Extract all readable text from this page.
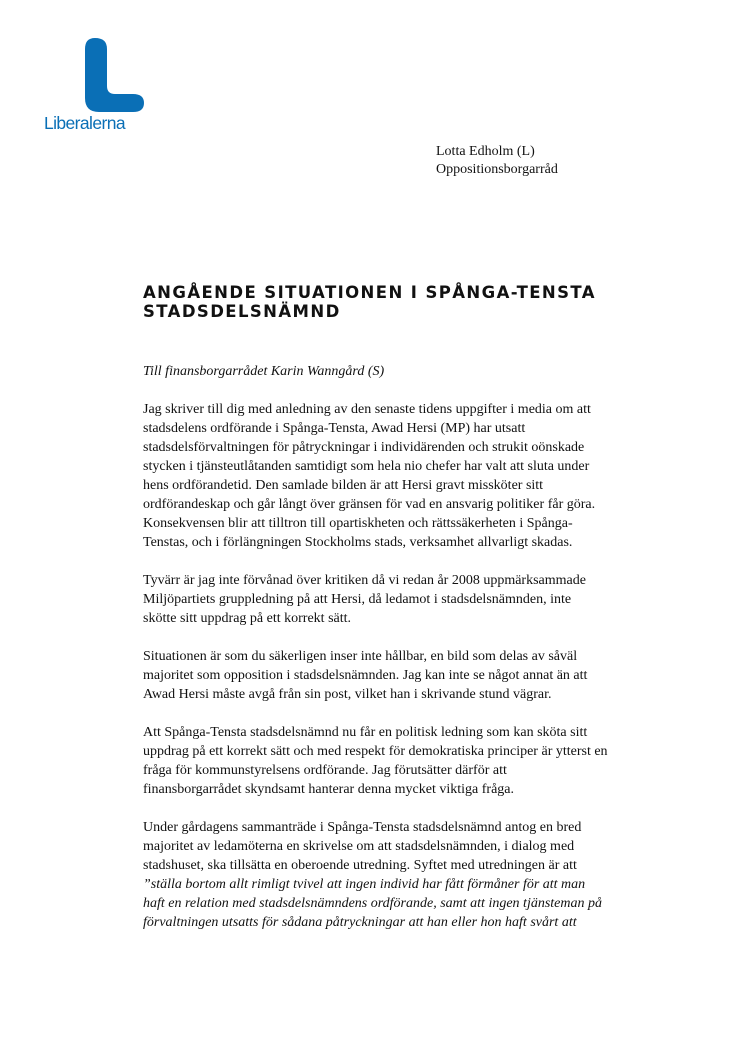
Liberalerna
Lotta Edholm (L)
Oppositionsborgarråd
ANGÅENDE SITUATIONEN I SPÅNGA-TENSTA
STADSDELSNÄMND
Till finansborgarrådet Karin Wanngård (S)
Jag skriver till dig med anledning av den senaste tidens uppgifter i media om att
stadsdelens ordförande i Spånga-Tensta, Awad Hersi (MP) har utsatt
stadsdelsförvaltningen för påtryckningar i individärenden och strukit oönskade
stycken i tjänsteutlåtanden samtidigt som hela nio chefer har valt att sluta under
hens ordförandetid. Den samlade bilden är att Hersi gravt missköter sitt
ordförandeskap och går långt över gränsen för vad en ansvarig politiker får göra.
Konsekvensen blir att tilltron till opartiskheten och rättssäkerheten i Spånga-
Tenstas, och i förlängningen Stockholms stads, verksamhet allvarligt skadas.
Tyvärr är jag inte förvånad över kritiken då vi redan år 2008 uppmärksammade
Miljöpartiets gruppledning på att Hersi, då ledamot i stadsdelsnämnden, inte
skötte sitt uppdrag på ett korrekt sätt.
Situationen är som du säkerligen inser inte hållbar, en bild som delas av såväl
majoritet som opposition i stadsdelsnämnden. Jag kan inte se något annat än att
Awad Hersi måste avgå från sin post, vilket han i skrivande stund vägrar.
Att Spånga-Tensta stadsdelsnämnd nu får en politisk ledning som kan sköta sitt
uppdrag på ett korrekt sätt och med respekt för demokratiska principer är ytterst en
fråga för kommunstyrelsens ordförande. Jag förutsätter därför att
finansborgarrådet skyndsamt hanterar denna mycket viktiga fråga.
Under gårdagens sammanträde i Spånga-Tensta stadsdelsnämnd antog en bred
majoritet av ledamöterna en skrivelse om att stadsdelsnämnden, i dialog med
stadshuset, ska tillsätta en oberoende utredning. Syftet med utredningen är att
”ställa bortom allt rimligt tvivel att ingen individ har fått förmåner för att man
haft en relation med stadsdelsnämndens ordförande, samt att ingen tjänsteman på
förvaltningen utsatts för sådana påtryckningar att han eller hon haft svårt att
